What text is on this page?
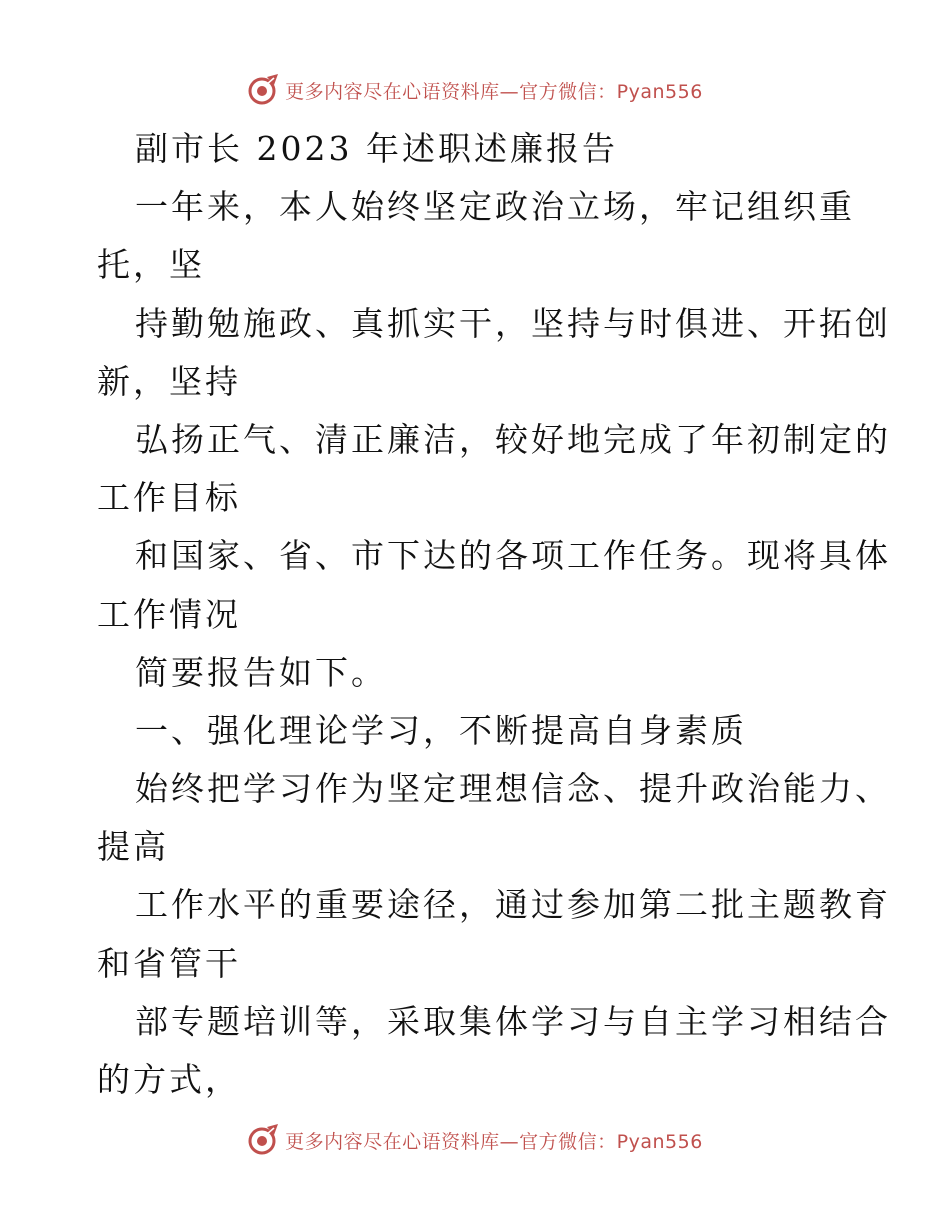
更多内容尽在心语资料库—官方微信：Pyan556
副市长 2023 年述职述廉报告
一年来，本人始终坚定政治立场，牢记组织重
托，坚
持勤勉施政、真抓实干，坚持与时俱进、开拓创
新，坚持
弘扬正气、清正廉洁，较好地完成了年初制定的
工作目标
和国家、省、市下达的各项工作任务。现将具体
工作情况
简要报告如下。
一、强化理论学习，不断提高自身素质
始终把学习作为坚定理想信念、提升政治能力、
提高
工作水平的重要途径，通过参加第二批主题教育
和省管干
部专题培训等，采取集体学习与自主学习相结合
的方式，
更多内容尽在心语资料库—官方微信：Pyan556
